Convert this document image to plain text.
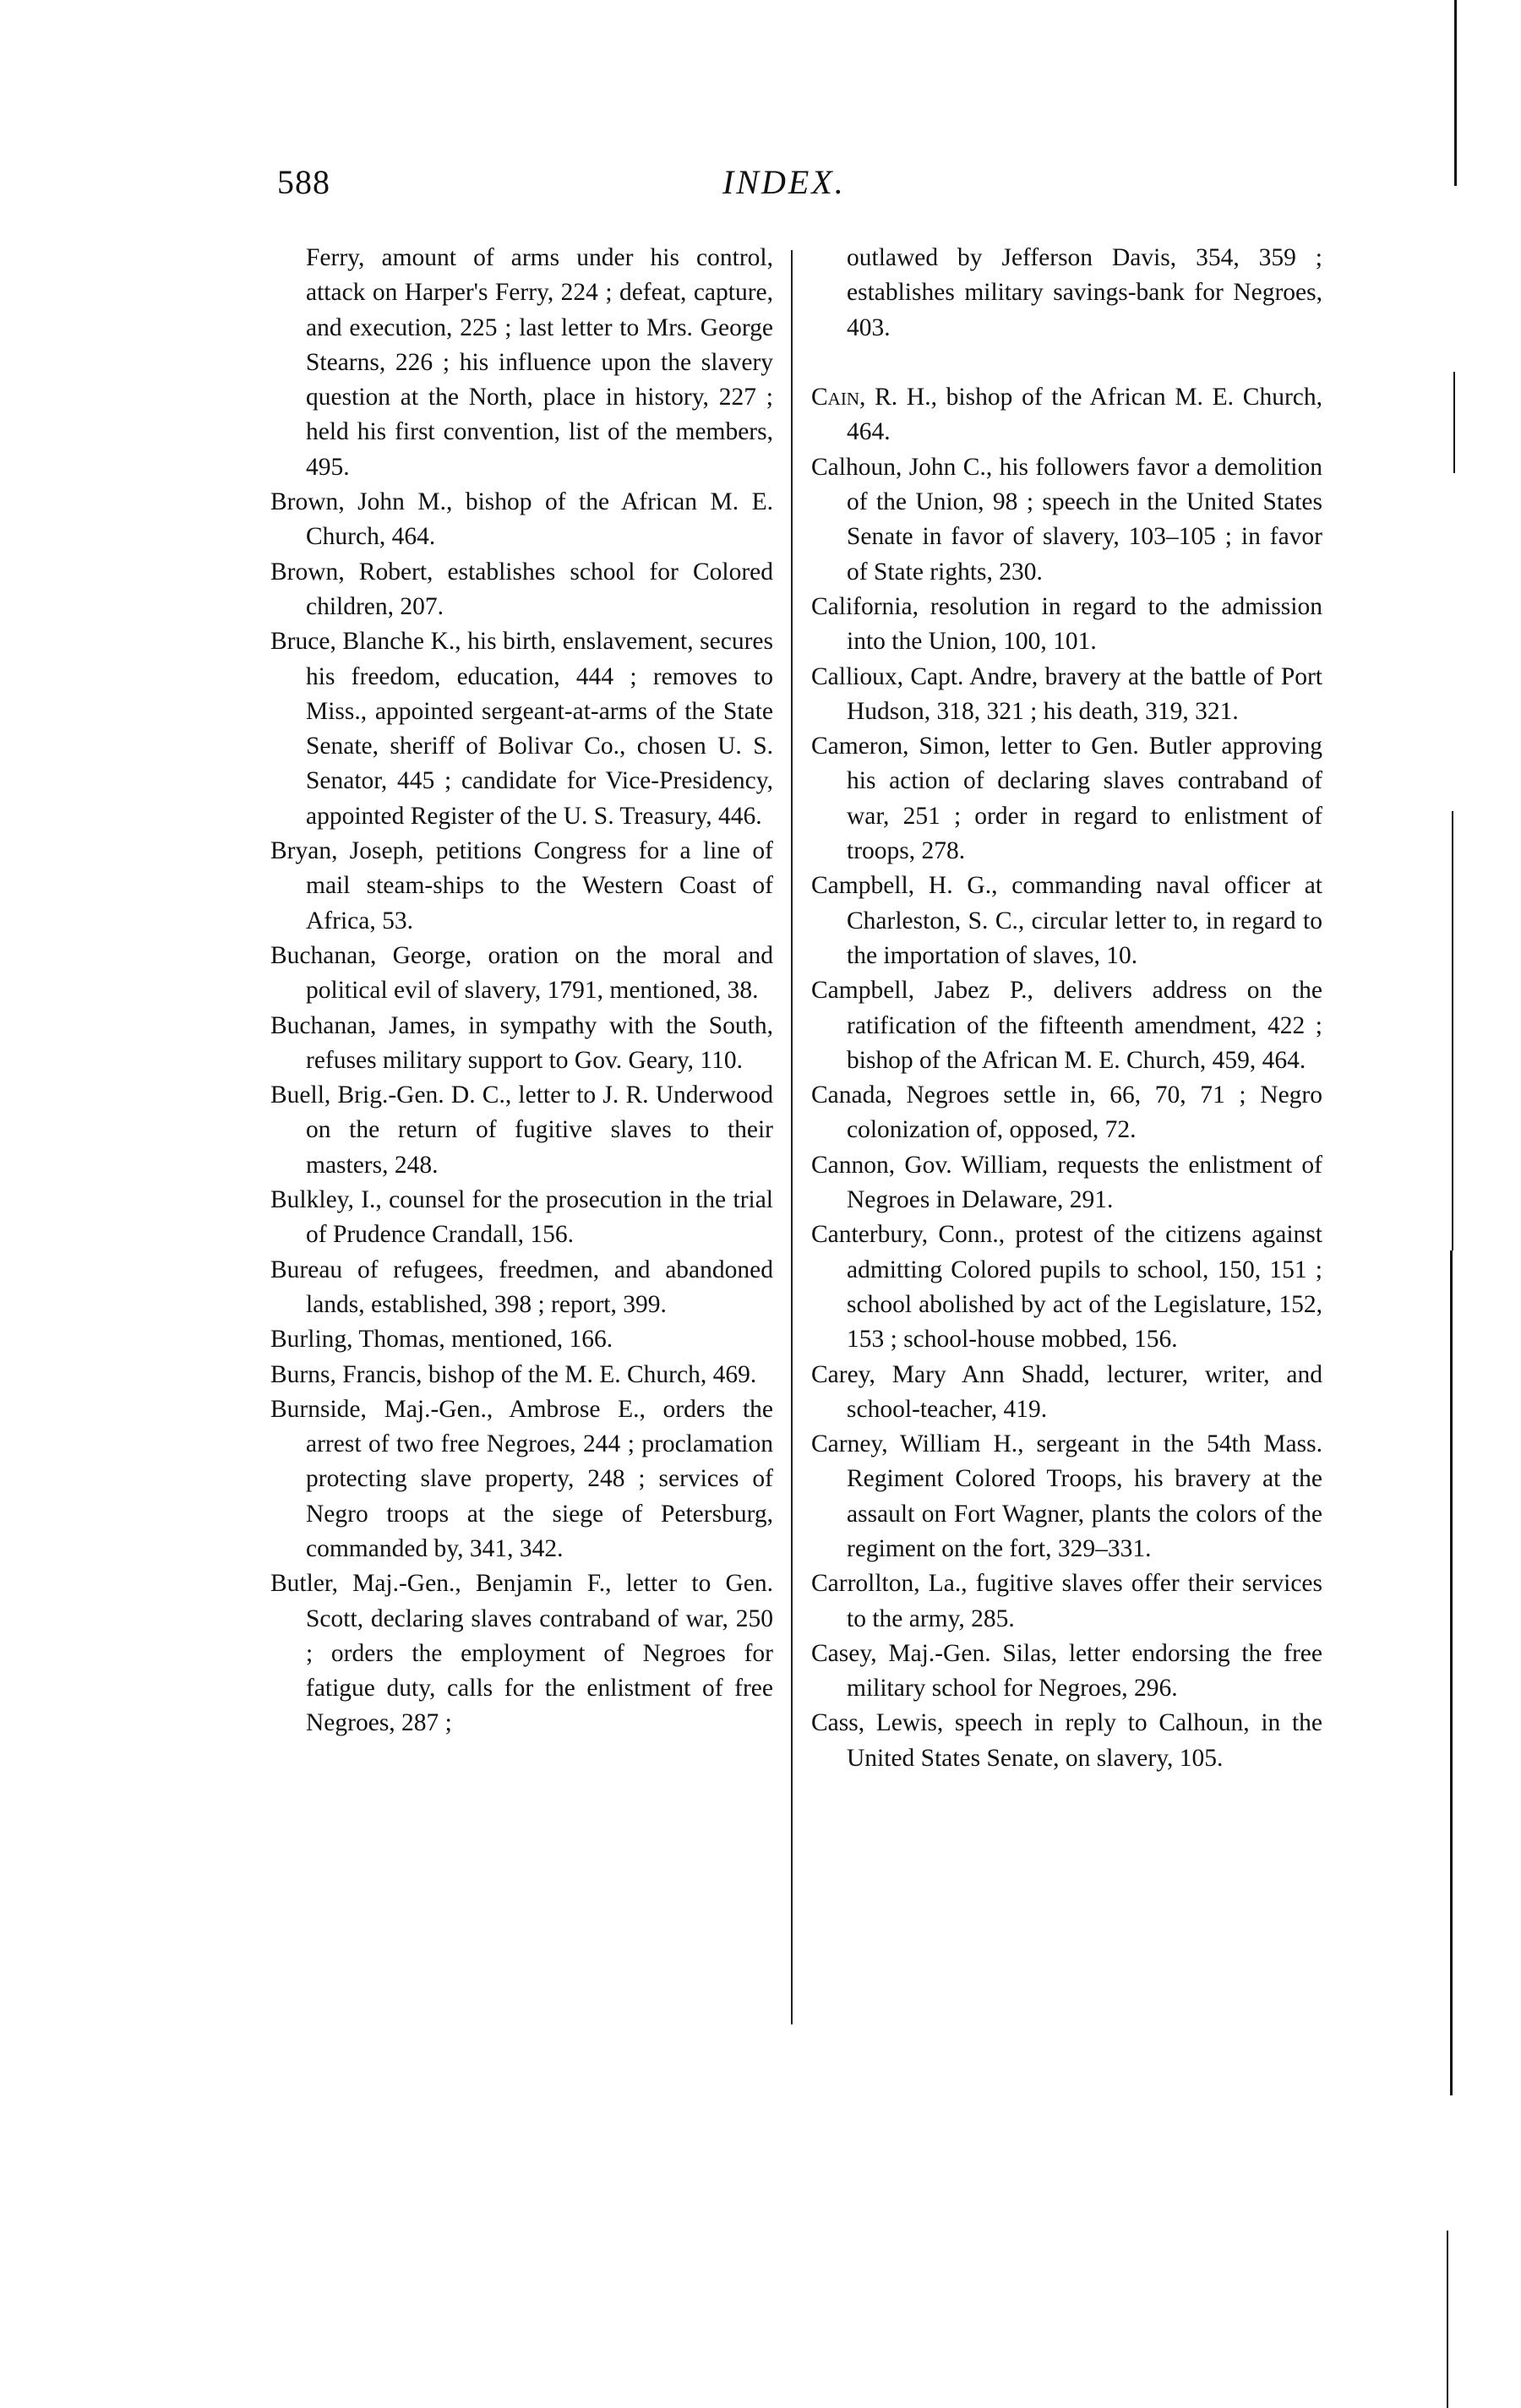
588	INDEX.

Ferry, amount of arms under his control, attack on Harper's Ferry, 224 ; defeat, capture, and execution, 225 ; last letter to Mrs. George Stearns, 226 ; his influence upon the slavery question at the North, place in history, 227 ; held his first convention, list of the members, 495.

Brown, John M., bishop of the African M. E. Church, 464.

Brown, Robert, establishes school for Colored children, 207.

Bruce, Blanche K., his birth, enslavement, secures his freedom, education, 444 ; removes to Miss., appointed sergeant-at-arms of the State Senate, sheriff of Bolivar Co., chosen U. S. Senator, 445 ; candidate for Vice-Presidency, appointed Register of the U. S. Treasury, 446.

Bryan, Joseph, petitions Congress for a line of mail steam-ships to the Western Coast of Africa, 53.

Buchanan, George, oration on the moral and political evil of slavery, 1791, mentioned, 38.

Buchanan, James, in sympathy with the South, refuses military support to Gov. Geary, 110.

Buell, Brig.-Gen. D. C., letter to J. R. Underwood on the return of fugitive slaves to their masters, 248.

Bulkley, I., counsel for the prosecution in the trial of Prudence Crandall, 156.

Bureau of refugees, freedmen, and abandoned lands, established, 398 ; report, 399.

Burling, Thomas, mentioned, 166.

Burns, Francis, bishop of the M. E. Church, 469.

Burnside, Maj.-Gen., Ambrose E., orders the arrest of two free Negroes, 244 ; proclamation protecting slave property, 248 ; services of Negro troops at the siege of Petersburg, commanded by, 341, 342.

Butler, Maj.-Gen., Benjamin F., letter to Gen. Scott, declaring slaves contraband of war, 250 ; orders the employment of Negroes for fatigue duty, calls for the enlistment of free Negroes, 287 ;

outlawed by Jefferson Davis, 354, 359 ; establishes military savings-bank for Negroes, 403.

Cain, R. H., bishop of the African M. E. Church, 464.

Calhoun, John C., his followers favor a demolition of the Union, 98 ; speech in the United States Senate in favor of slavery, 103–105 ; in favor of State rights, 230.

California, resolution in regard to the admission into the Union, 100, 101.

Callioux, Capt. Andre, bravery at the battle of Port Hudson, 318, 321 ; his death, 319, 321.

Cameron, Simon, letter to Gen. Butler approving his action of declaring slaves contraband of war, 251 ; order in regard to enlistment of troops, 278.

Campbell, H. G., commanding naval officer at Charleston, S. C., circular letter to, in regard to the importation of slaves, 10.

Campbell, Jabez P., delivers address on the ratification of the fifteenth amendment, 422 ; bishop of the African M. E. Church, 459, 464.

Canada, Negroes settle in, 66, 70, 71 ; Negro colonization of, opposed, 72.

Cannon, Gov. William, requests the enlistment of Negroes in Delaware, 291.

Canterbury, Conn., protest of the citizens against admitting Colored pupils to school, 150, 151 ; school abolished by act of the Legislature, 152, 153 ; school-house mobbed, 156.

Carey, Mary Ann Shadd, lecturer, writer, and school-teacher, 419.

Carney, William H., sergeant in the 54th Mass. Regiment Colored Troops, his bravery at the assault on Fort Wagner, plants the colors of the regiment on the fort, 329–331.

Carrollton, La., fugitive slaves offer their services to the army, 285.

Casey, Maj.-Gen. Silas, letter endorsing the free military school for Negroes, 296.

Cass, Lewis, speech in reply to Calhoun, in the United States Senate, on slavery, 105.
